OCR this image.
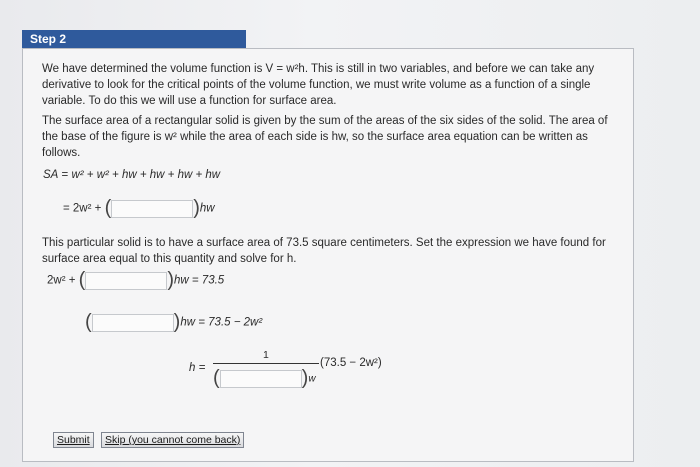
Step 2
We have determined the volume function is V = w²h. This is still in two variables, and before we can take any derivative to look for the critical points of the volume function, we must write volume as a function of a single variable. To do this we will use a function for surface area.
The surface area of a rectangular solid is given by the sum of the areas of the six sides of the solid. The area of the base of the figure is w² while the area of each side is hw, so the surface area equation can be written as follows.
SA = w² + w² + hw + hw + hw + hw
= 2w² + (	)hw
This particular solid is to have a surface area of 73.5 square centimeters. Set the expression we have found for surface area equal to this quantity and solve for h.
2w² + (	)hw = 73.5
(	)hw = 73.5 − 2w²
h =
1
(	)w
(73.5 − 2w²)
Submit	Skip (you cannot come back)
